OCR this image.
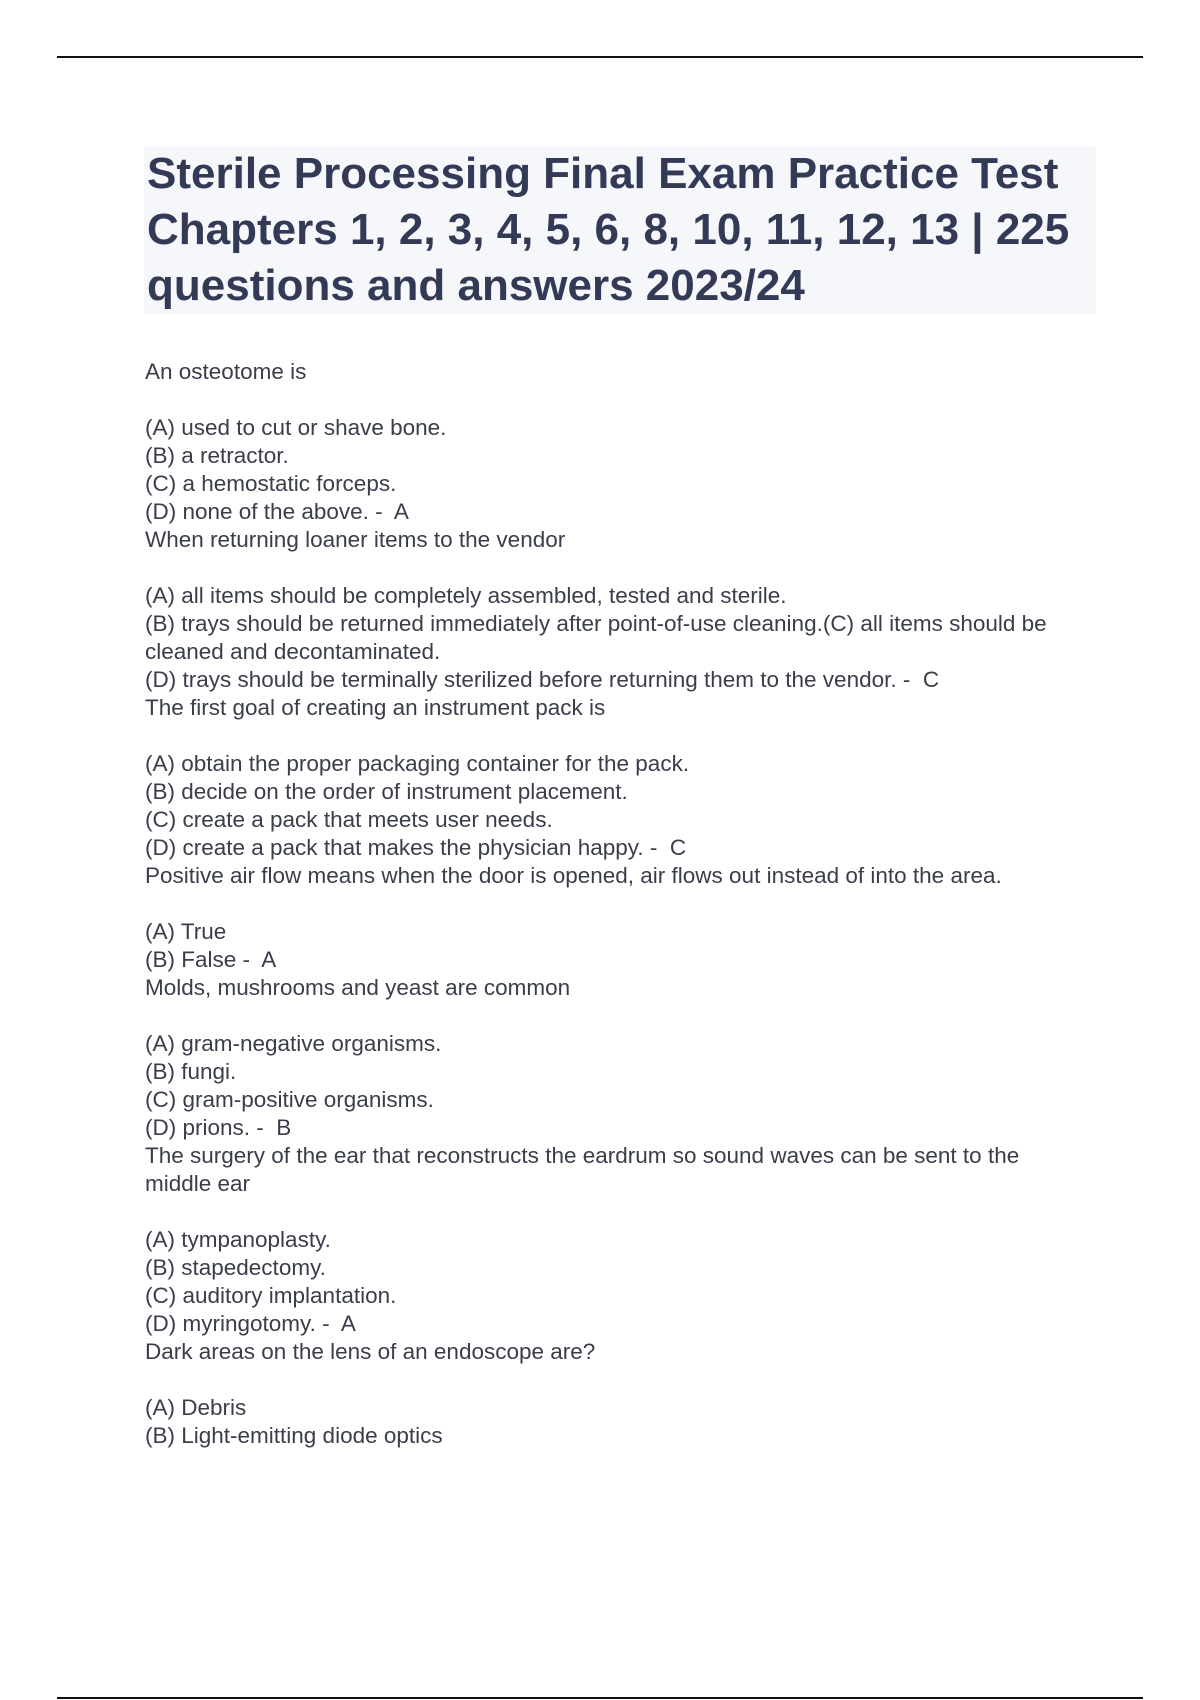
Sterile Processing Final Exam Practice Test Chapters 1, 2, 3, 4, 5, 6, 8, 10, 11, 12, 13 | 225 questions and answers 2023/24
An osteotome is
(A) used to cut or shave bone.
(B) a retractor.
(C) a hemostatic forceps.
(D) none of the above. - A
When returning loaner items to the vendor
(A) all items should be completely assembled, tested and sterile.
(B) trays should be returned immediately after point-of-use cleaning.(C) all items should be cleaned and decontaminated.
(D) trays should be terminally sterilized before returning them to the vendor. - C
The first goal of creating an instrument pack is
(A) obtain the proper packaging container for the pack.
(B) decide on the order of instrument placement.
(C) create a pack that meets user needs.
(D) create a pack that makes the physician happy. - C
Positive air flow means when the door is opened, air flows out instead of into the area.
(A) True
(B) False - A
Molds, mushrooms and yeast are common
(A) gram-negative organisms.
(B) fungi.
(C) gram-positive organisms.
(D) prions. - B
The surgery of the ear that reconstructs the eardrum so sound waves can be sent to the middle ear
(A) tympanoplasty.
(B) stapedectomy.
(C) auditory implantation.
(D) myringotomy. - A
Dark areas on the lens of an endoscope are?
(A) Debris
(B) Light-emitting diode optics
